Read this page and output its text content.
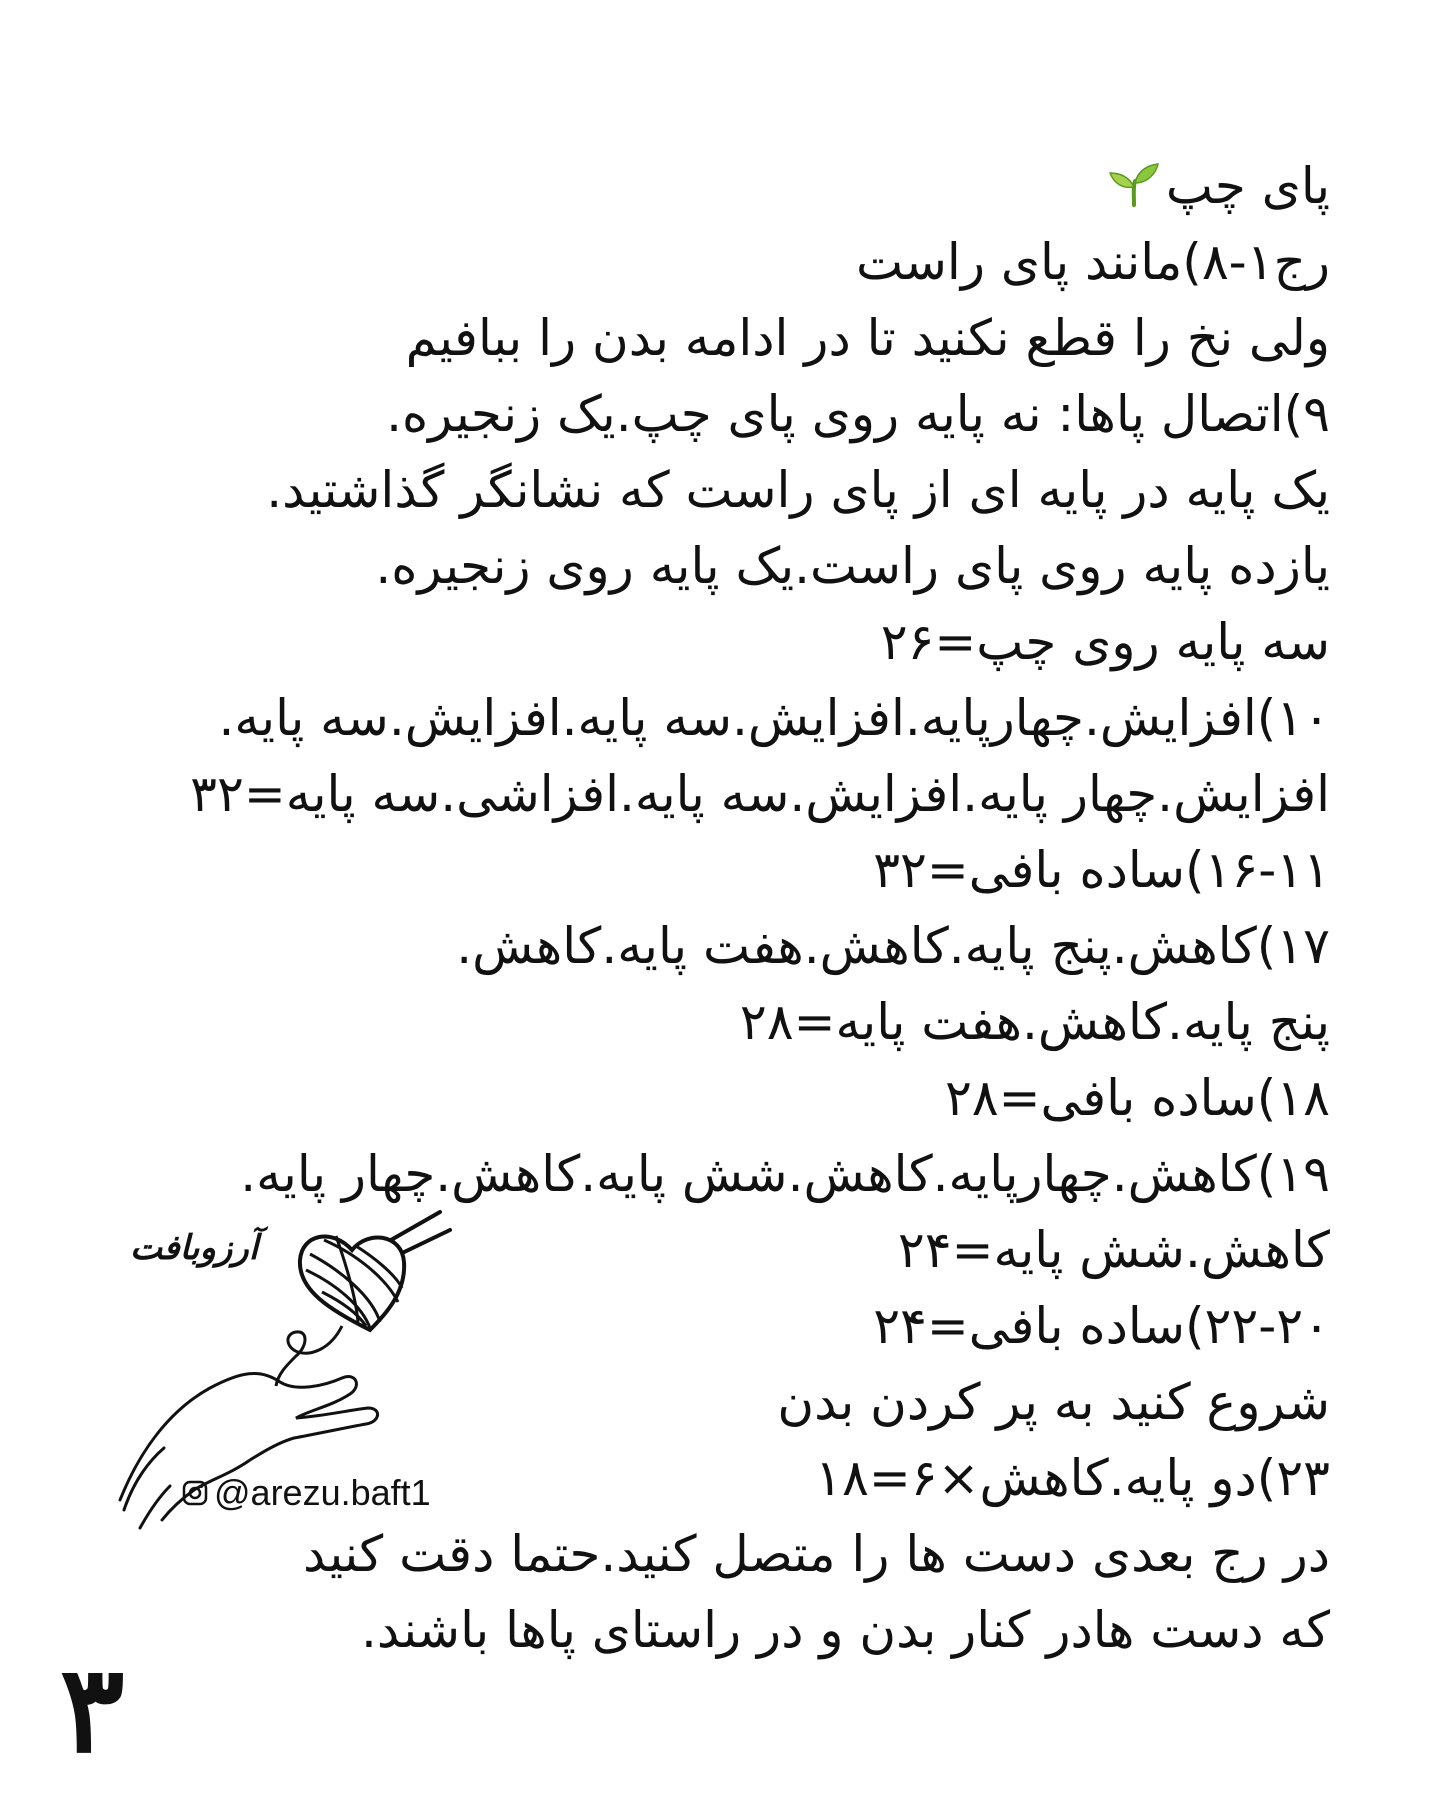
پای چپ
رج۱-۸)مانند پای راست
ولی نخ را قطع نکنید تا در ادامه بدن را ببافیم
۹)اتصال پاها: نه پایه روی پای چپ.یک زنجیره.
یک پایه در پایه ای از پای راست که نشانگر گذاشتید.
یازده پایه روی پای راست.یک پایه روی زنجیره.
سه پایه روی چپ=۲۶
۱۰)افزایش.چهارپایه.افزایش.سه پایه.افزایش.سه پایه.
افزایش.چهار پایه.افزایش.سه پایه.افزاشی.سه پایه=۳۲
۱۶-۱۱)ساده بافی=۳۲
۱۷)کاهش.پنج پایه.کاهش.هفت پایه.کاهش.
پنج پایه.کاهش.هفت پایه=۲۸
۱۸)ساده بافی=۲۸
۱۹)کاهش.چهارپایه.کاهش.شش پایه.کاهش.چهار پایه.
کاهش.شش پایه=۲۴
۲۲-۲۰)ساده بافی=۲۴
شروع کنید به پر کردن بدن
۲۳)دو پایه.کاهش×۶=۱۸
در رج بعدی دست ها را متصل کنید.حتما دقت کنید
که دست هادر کنار بدن و در راستای پاها باشند.
آرزوبافت
@arezu.baft1
۳
